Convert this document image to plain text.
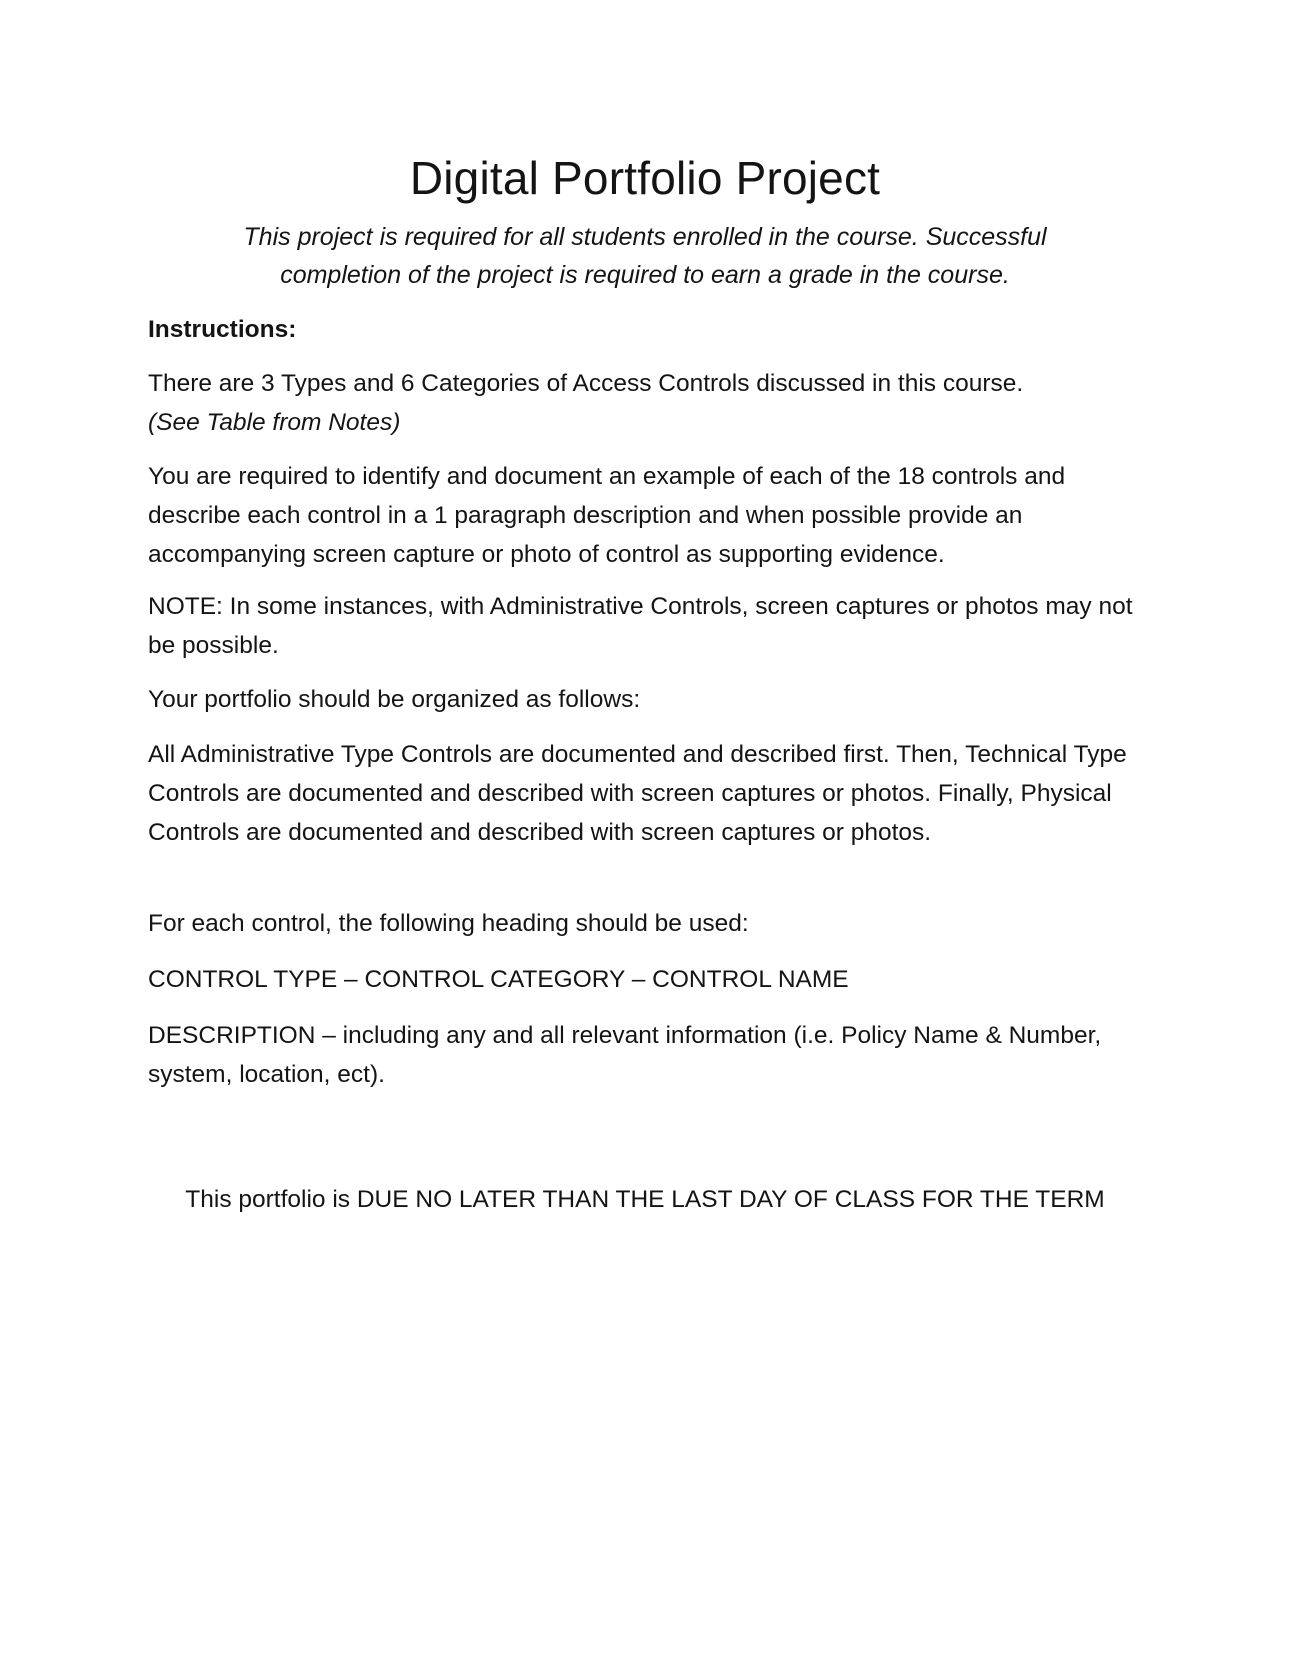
Digital Portfolio Project

This project is required for all students enrolled in the course. Successful completion of the project is required to earn a grade in the course.

Instructions:

There are 3 Types and 6 Categories of Access Controls discussed in this course.
(See Table from Notes)

You are required to identify and document an example of each of the 18 controls and describe each control in a 1 paragraph description and when possible provide an accompanying screen capture or photo of control as supporting evidence.

NOTE: In some instances, with Administrative Controls, screen captures or photos may not be possible.

Your portfolio should be organized as follows:

All Administrative Type Controls are documented and described first. Then, Technical Type Controls are documented and described with screen captures or photos. Finally, Physical Controls are documented and described with screen captures or photos.

For each control, the following heading should be used:

CONTROL TYPE – CONTROL CATEGORY – CONTROL NAME

DESCRIPTION – including any and all relevant information (i.e. Policy Name & Number, system, location, ect).

This portfolio is DUE NO LATER THAN THE LAST DAY OF CLASS FOR THE TERM
